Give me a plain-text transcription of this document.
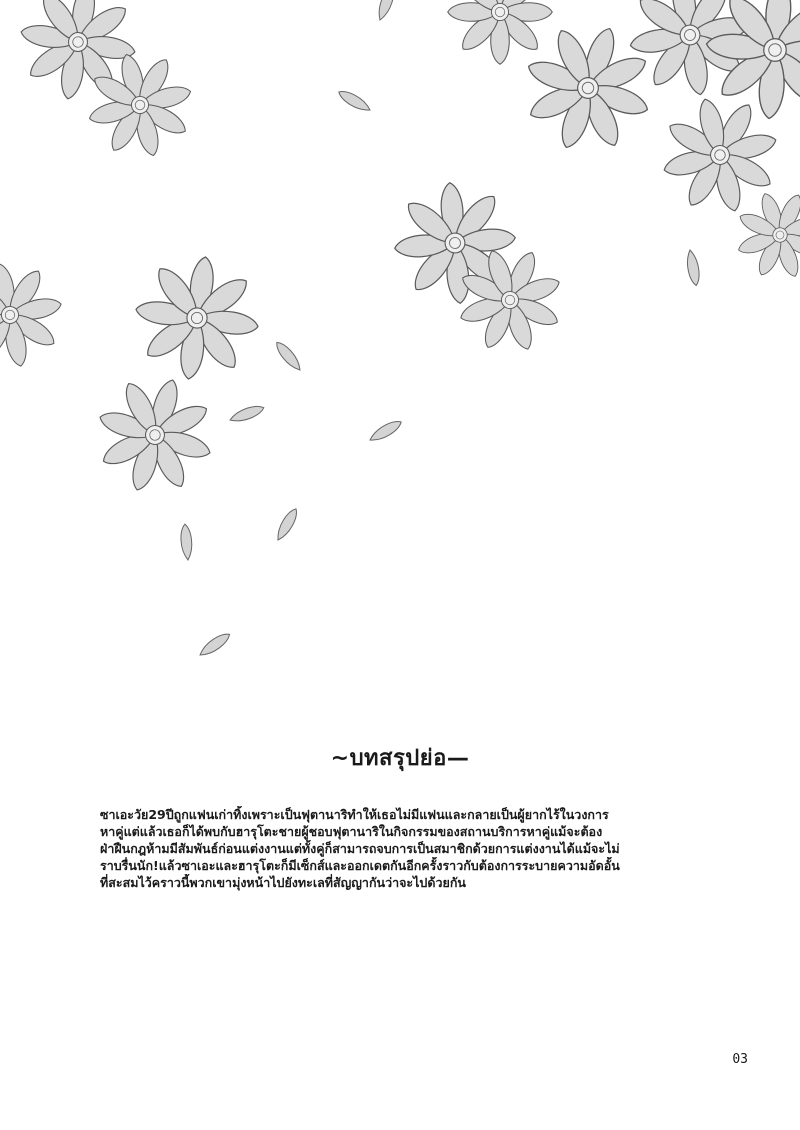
~บทสรุปย่อ—

ซาเอะวัย29ปีถูกแฟนเก่าทิ้งเพราะเป็นฟุตานาริทำให้เธอไม่มีแฟนและกลายเป็นผู้ยากไร้ในวงการ

หาคู่แต่แล้วเธอก็ได้พบกับฮารุโตะชายผู้ชอบฟุตานาริในกิจกรรมของสถานบริการหาคู่แม้จะต้อง

ฝ่าฝืนกฎห้ามมีสัมพันธ์ก่อนแต่งงานแต่ทั้งคู่ก็สามารถจบการเป็นสมาชิกด้วยการแต่งงานได้แม้จะไม่

ราบรื่นนัก!แล้วซาเอะและฮารุโตะก็มีเซ็กส์และออกเดตกันอีกครั้งราวกับต้องการระบายความอัดอั้น

ที่สะสมไว้คราวนี้พวกเขามุ่งหน้าไปยังทะเลที่สัญญากันว่าจะไปด้วยกัน

03
